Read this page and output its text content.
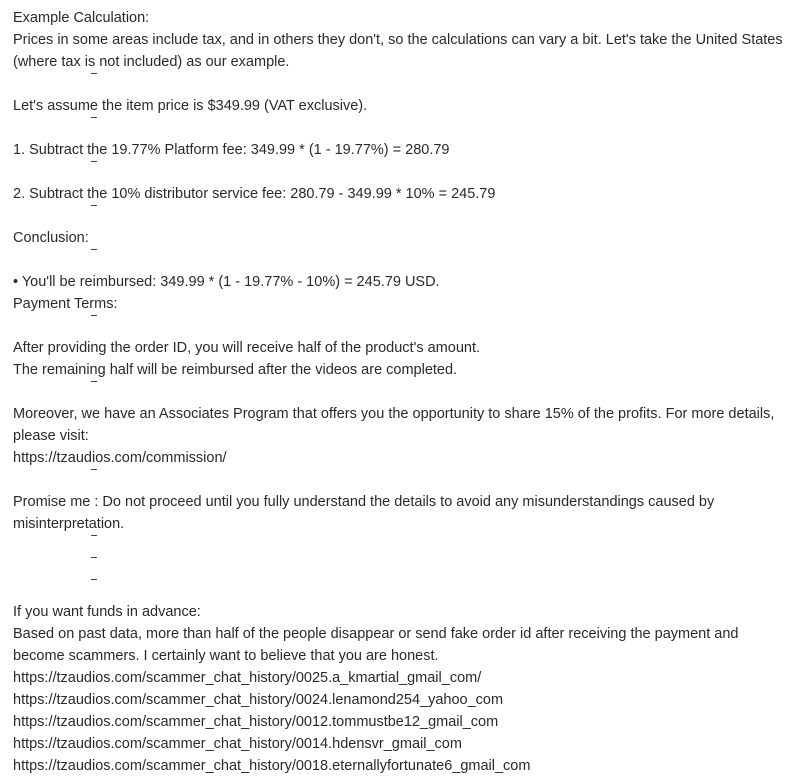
Example Calculation:
Prices in some areas include tax, and in others they don't, so the calculations can vary a bit. Let's take the United States (where tax is not included) as our example.
Let's assume the item price is $349.99 (VAT exclusive).
1. Subtract the 19.77% Platform fee: 349.99 * (1 - 19.77%) = 280.79
2. Subtract the 10% distributor service fee: 280.79 - 349.99 * 10% = 245.79
Conclusion:
• You'll be reimbursed: 349.99 * (1 - 19.77% - 10%) = 245.79 USD.
Payment Terms:
After providing the order ID, you will receive half of the product's amount.
The remaining half will be reimbursed after the videos are completed.
Moreover, we have an Associates Program that offers you the opportunity to share 15% of the profits. For more details, please visit:
https://tzaudios.com/commission/
Promise me : Do not proceed until you fully understand the details to avoid any misunderstandings caused by misinterpretation.
If you want funds in advance:
Based on past data, more than half of the people disappear or send fake order id after receiving the payment and become scammers. I certainly want to believe that you are honest.
https://tzaudios.com/scammer_chat_history/0025.a_kmartial_gmail_com/
https://tzaudios.com/scammer_chat_history/0024.lenamond254_yahoo_com
https://tzaudios.com/scammer_chat_history/0012.tommustbe12_gmail_com
https://tzaudios.com/scammer_chat_history/0014.hdensvr_gmail_com
https://tzaudios.com/scammer_chat_history/0018.eternallyfortunate6_gmail_com
